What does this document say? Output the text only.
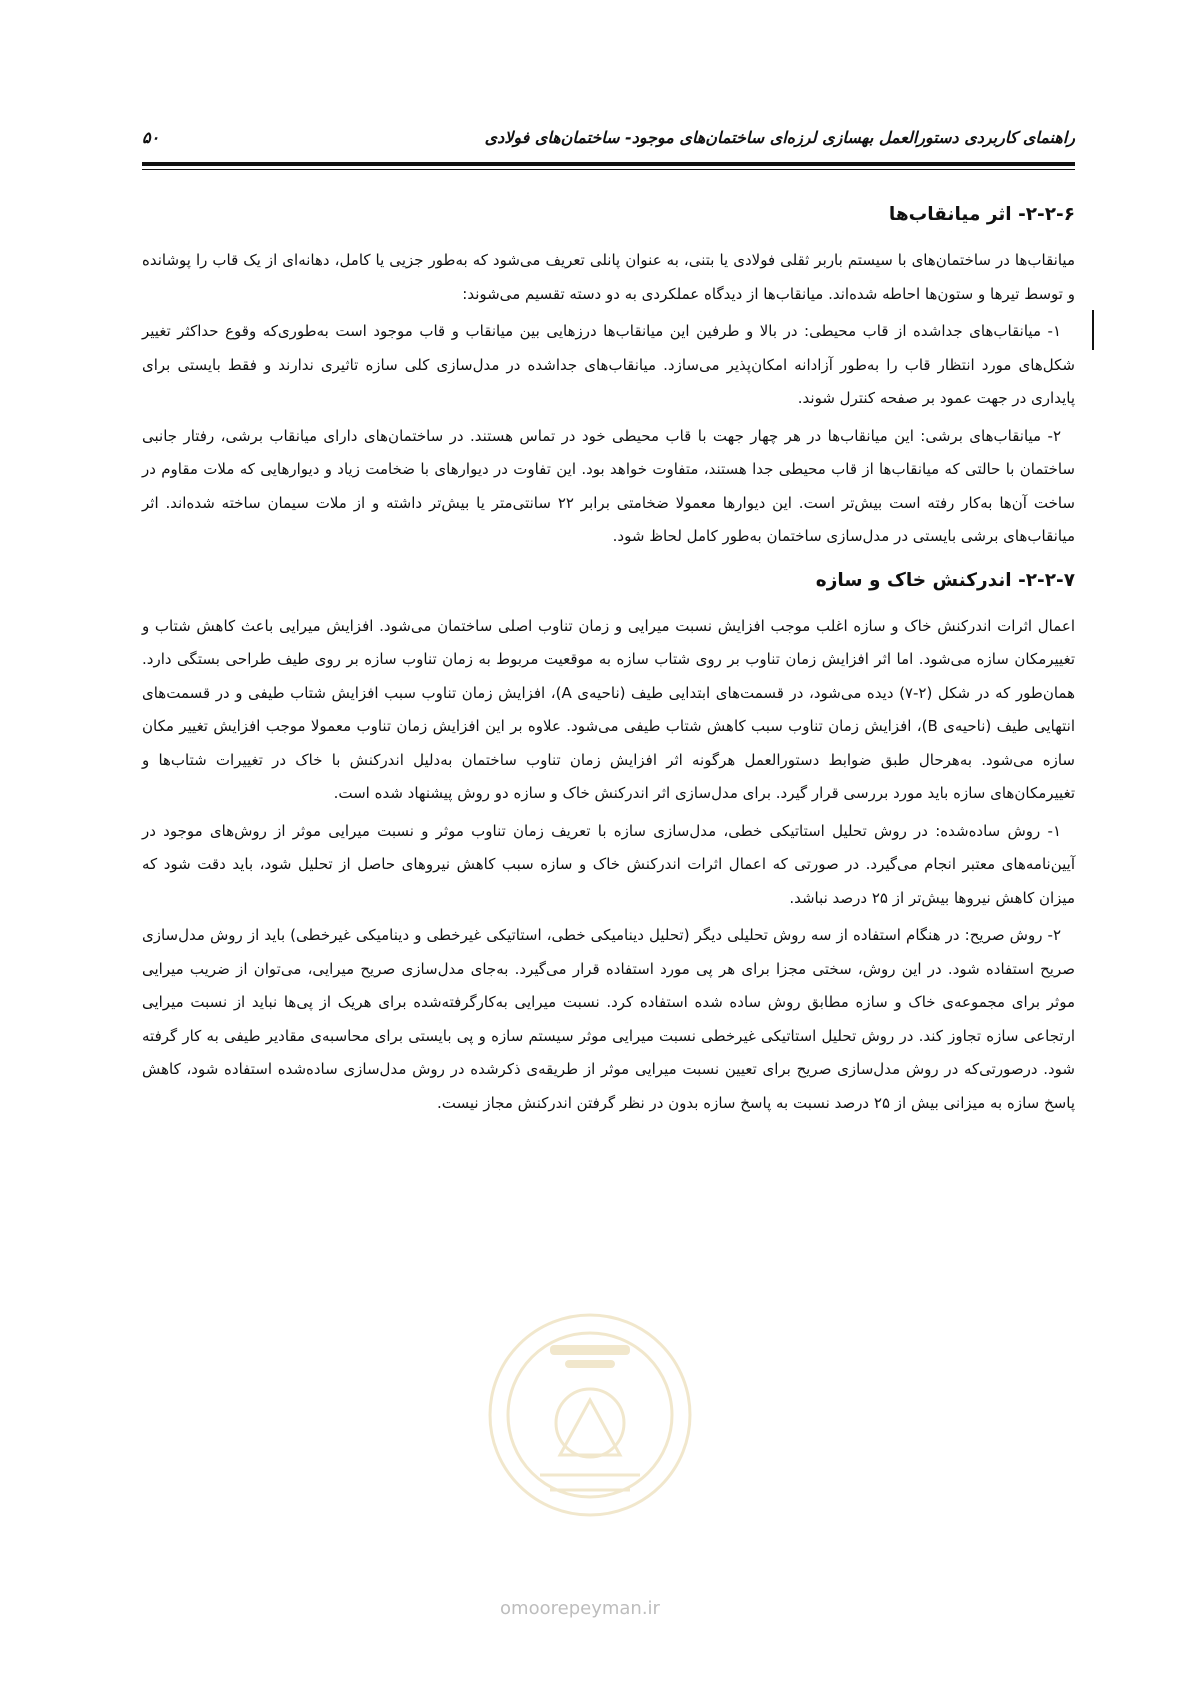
راهنمای کاربردی دستورالعمل بهسازی لرزه‌ای ساختمان‌های موجود- ساختمان‌های فولادی
۵۰
۲-۲-۶- اثر میانقاب‌ها

میانقاب‌ها در ساختمان‌های با سیستم باربر ثقلی فولادی یا بتنی، به عنوان پانلی تعریف می‌شود که به‌طور جزیی یا کامل، دهانه‌ای از یک قاب را پوشانده و توسط تیرها و ستون‌ها احاطه شده‌اند. میانقاب‌ها از دیدگاه عملکردی به دو دسته تقسیم می‌شوند:

۱- میانقاب‌های جداشده از قاب محیطی: در بالا و طرفین این میانقاب‌ها درزهایی بین میانقاب و قاب موجود است به‌طوری‌که وقوع حداکثر تغییر شکل‌های مورد انتظار قاب را به‌طور آزادانه امکان‌پذیر می‌سازد. میانقاب‌های جداشده در مدل‌سازی کلی سازه تاثیری ندارند و فقط بایستی برای پایداری در جهت عمود بر صفحه کنترل شوند.

۲- میانقاب‌های برشی: این میانقاب‌ها در هر چهار جهت با قاب محیطی خود در تماس هستند. در ساختمان‌های دارای میانقاب برشی، رفتار جانبی ساختمان با حالتی که میانقاب‌ها از قاب محیطی جدا هستند، متفاوت خواهد بود. این تفاوت در دیوارهای با ضخامت زیاد و دیوارهایی که ملات مقاوم در ساخت آن‌ها به‌کار رفته است بیش‌تر است. این دیوارها معمولا ضخامتی برابر ۲۲ سانتی‌متر یا بیش‌تر داشته و از ملات سیمان ساخته شده‌اند. اثر میانقاب‌های برشی بایستی در مدل‌سازی ساختمان به‌طور کامل لحاظ شود.

۲-۲-۷- اندرکنش خاک و سازه

اعمال اثرات اندرکنش خاک و سازه اغلب موجب افزایش نسبت میرایی و زمان تناوب اصلی ساختمان می‌شود. افزایش میرایی باعث کاهش شتاب و تغییرمکان سازه می‌شود. اما اثر افزایش زمان تناوب بر روی شتاب سازه به موقعیت مربوط به زمان تناوب سازه بر روی طیف طراحی بستگی دارد. همان‌طور که در شکل (۲-۷) دیده می‌شود، در قسمت‌های ابتدایی طیف (ناحیه‌ی A)، افزایش زمان تناوب سبب افزایش شتاب طیفی و در قسمت‌های انتهایی طیف (ناحیه‌ی B)، افزایش زمان تناوب سبب کاهش شتاب طیفی می‌شود. علاوه بر این افزایش زمان تناوب معمولا موجب افزایش تغییر مکان سازه می‌شود. به‌هرحال طبق ضوابط دستورالعمل هرگونه اثر افزایش زمان تناوب ساختمان به‌دلیل اندرکنش با خاک در تغییرات شتاب‌ها و تغییرمکان‌های سازه باید مورد بررسی قرار گیرد. برای مدل‌سازی اثر اندرکنش خاک و سازه دو روش پیشنهاد شده است.

۱- روش ساده‌شده: در روش تحلیل استاتیکی خطی، مدل‌سازی سازه با تعریف زمان تناوب موثر و نسبت میرایی موثر از روش‌های موجود در آیین‌نامه‌های معتبر انجام می‌گیرد. در صورتی که اعمال اثرات اندرکنش خاک و سازه سبب کاهش نیروهای حاصل از تحلیل شود، باید دقت شود که میزان کاهش نیروها بیش‌تر از ۲۵ درصد نباشد.

۲- روش صریح: در هنگام استفاده از سه روش تحلیلی دیگر (تحلیل دینامیکی خطی، استاتیکی غیرخطی و دینامیکی غیرخطی) باید از روش مدل‌سازی صریح استفاده شود. در این روش، سختی مجزا برای هر پی مورد استفاده قرار می‌گیرد. به‌جای مدل‌سازی صریح میرایی، می‌توان از ضریب میرایی موثر برای مجموعه‌ی خاک و سازه مطابق روش ساده شده استفاده کرد. نسبت میرایی به‌کارگرفته‌شده برای هریک از پی‌ها نباید از نسبت میرایی ارتجاعی سازه تجاوز کند. در روش تحلیل استاتیکی غیرخطی نسبت میرایی موثر سیستم سازه و پی بایستی برای محاسبه‌ی مقادیر طیفی به کار گرفته شود. درصورتی‌که در روش مدل‌سازی صریح برای تعیین نسبت میرایی موثر از طریقه‌ی ذکرشده در روش مدل‌سازی ساده‌شده استفاده شود، کاهش پاسخ سازه به میزانی بیش از ۲۵ درصد نسبت به پاسخ سازه بدون در نظر گرفتن اندرکنش مجاز نیست.

omoorepeyman.ir
